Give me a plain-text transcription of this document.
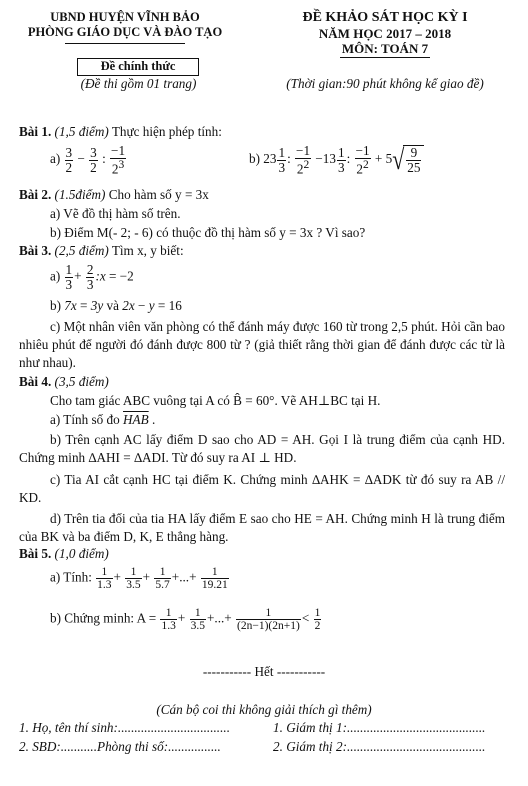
UBND HUYỆN VĨNH BẢO
PHÒNG GIÁO DỤC VÀ ĐÀO TẠO
Đề chính thức
(Đề thi gồm 01 trang)
ĐỀ KHẢO SÁT HỌC KỲ I
NĂM HỌC 2017 – 2018
MÔN: TOÁN 7
(Thời gian:90 phút không kể giao đề)
Bài 1. (1,5 điểm) Thực hiện phép tính:
$a) \frac{3}{2} - \frac{3}{2}$ : $\frac{-1}{2^3}$	b) $23 \frac{1}{3}$ : $\frac{-1}{2^2} -13 \frac{1}{3}$ : $\frac{-1}{2^2} + 5√ \frac{9}{25}$
Bài 2. (1.5điểm) Cho hàm số y = 3x
a) Vẽ đồ thị hàm số trên.
b) Điểm M(- 2; - 6) có thuộc đồ thị hàm số y = 3x ? Vì sao?
Bài 3. (2,5 điểm) Tìm x, y biết:
$a) \frac{1}{3} + \frac{2}{3}$ :x = −2
b) 7x = 3y và 2x − y = 16
c) Một nhân viên văn phòng có thể đánh máy được 160 từ trong 2,5 phút. Hỏi cần bao nhiêu phút để người đó đánh được 800 từ ? (giả thiết rằng thời gian để đánh được các từ là như nhau).
Bài 4. (3,5 điểm)
Cho tam giác ABC vuông tại A có B̂ = 60°. Vẽ AH⊥BC tại H.
a) Tính số đo $\overline{HAB}$ .
b) Trên cạnh AC lấy điểm D sao cho AD = AH. Gọi I là trung điểm của cạnh HD. Chứng minh ∆AHI = ∆ADI. Từ đó suy ra AI ⊥ HD.
c) Tia AI cắt cạnh HC tại điểm K. Chứng minh ∆AHK = ∆ADK từ đó suy ra AB // KD.
d) Trên tia đối của tia HA lấy điểm E sao cho HE = AH. Chứng minh H là trung điểm của BK và ba điểm D, K, E thẳng hàng.
Bài 5. (1,0 điểm)
a) Tính: $\frac{1}{1.3} + \frac{1}{3.5} + \frac{1}{5.7}$ +...+ $\frac{1}{19.21}$
b) Chứng minh: $A = \frac{1}{1.3} + \frac{1}{3.5}$ +...+ $\frac{1}{(2n-1)(2n+1)} < \frac{1}{2}$
----------- Hết -----------
(Cán bộ coi thi không giải thích gì thêm)
1. Họ, tên thí sinh:..................................
2. SBD:...........Phòng thi số:................
1. Giám thị 1:..........................................
2. Giám thị 2:..........................................
